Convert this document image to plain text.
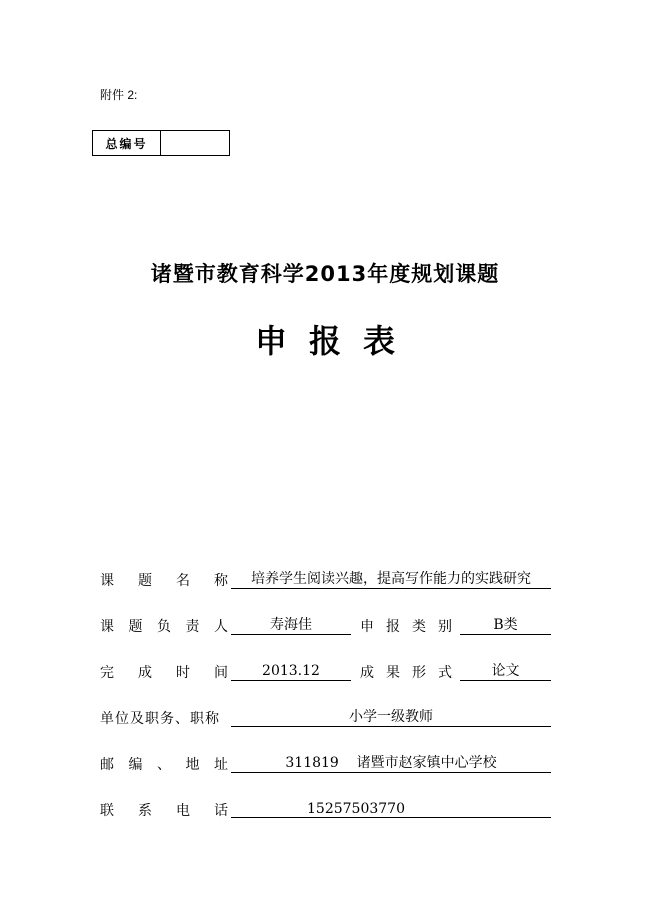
附件 2:
总编号	
诸暨市教育科学2013年度规划课题
申报表
课 题 名 称	培养学生阅读兴趣，提高写作能力的实践研究
课 题 负 责 人	寿海佳	申 报 类 别	B类
完 成 时 间	2013.12	成 果 形 式	论文
单位及职务、职称	小学一级教师
邮 编 、 地 址	311819    诸暨市赵家镇中心学校
联 系 电 话	15257503770
